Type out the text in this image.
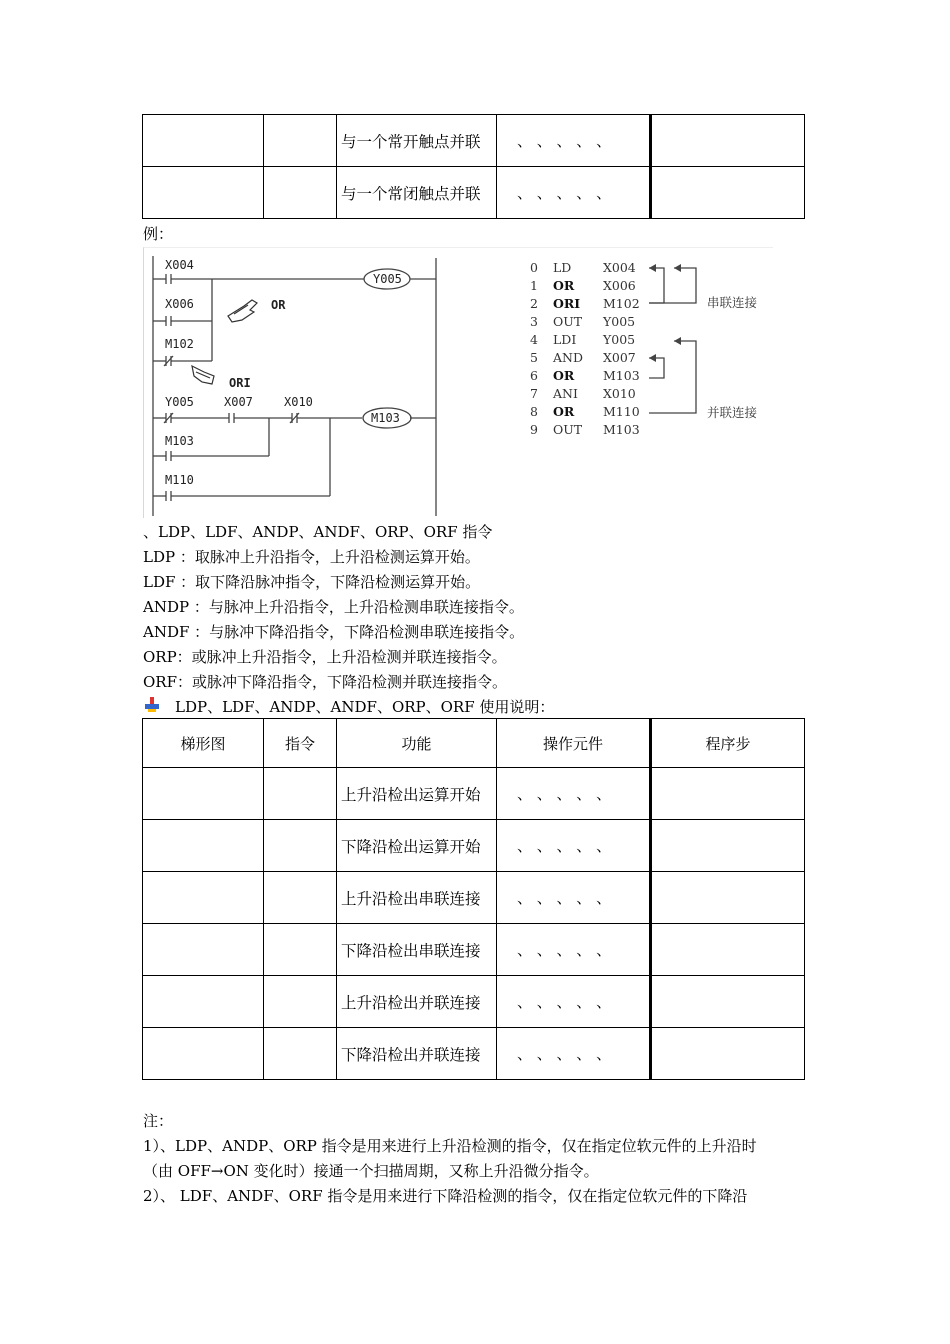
		与一个常开触点并联	、 、 、 、 、	
		与一个常闭触点并联	、 、 、 、 、	
例：
X004
X006
M102
Y005	X007	X010
M103
M110
Y005
M103
OR
ORI
0 LD	X004
1 OR X006
2 ORI M102
3 OUT Y005
4 LDI Y005
5 AND X007
6 OR M103
7 ANI X010
8 OR M110
9 OUT M103
串联连接
并联连接
、LDP、LDF、ANDP、ANDF、ORP、ORF 指令
LDP ：取脉冲上升沿指令，上升沿检测运算开始。
LDF ：取下降沿脉冲指令，下降沿检测运算开始。
ANDP ：与脉冲上升沿指令，上升沿检测串联连接指令。
ANDF ：与脉冲下降沿指令，下降沿检测串联连接指令。
ORP：或脉冲上升沿指令，上升沿检测并联连接指令。
ORF：或脉冲下降沿指令，下降沿检测并联连接指令。
LDP、LDF、ANDP、ANDF、ORP、ORF 使用说明：
梯形图	指令	功能	操作元件	程序步
		上升沿检出运算开始	、 、 、 、 、	
		下降沿检出运算开始	、 、 、 、 、	
		上升沿检出串联连接	、 、 、 、 、	
		下降沿检出串联连接	、 、 、 、 、	
		上升沿检出并联连接	、 、 、 、 、	
		下降沿检出并联连接	、 、 、 、 、	
注：
1）、LDP、ANDP、ORP 指令是用来进行上升沿检测的指令，仅在指定位软元件的上升沿时
（由 OFF→ON 变化时）接通一个扫描周期，又称上升沿微分指令。
2）、 LDF、ANDF、ORF 指令是用来进行下降沿检测的指令，仅在指定位软元件的下降沿
